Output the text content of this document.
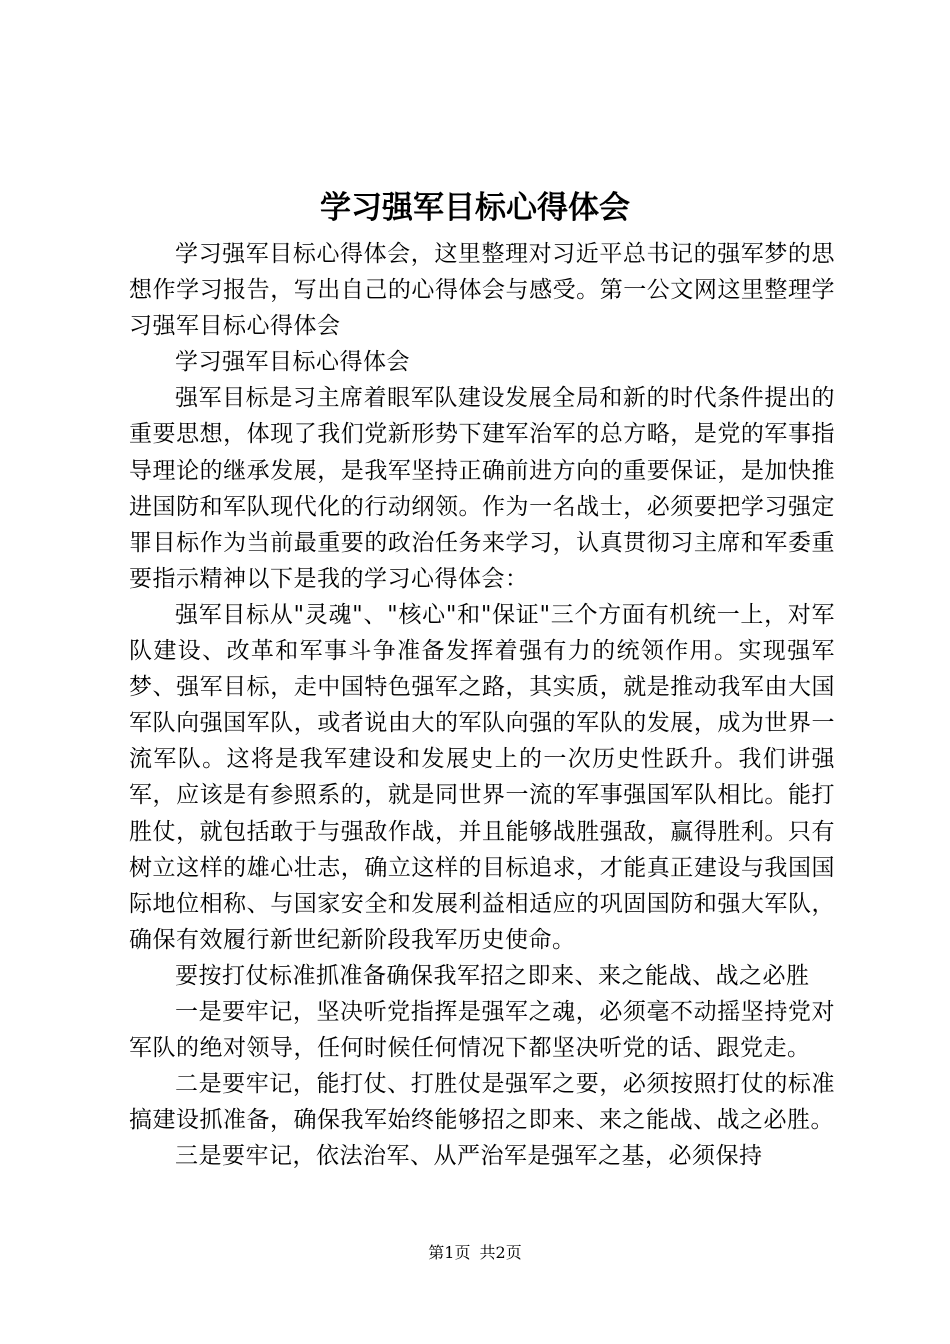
学习强军目标心得体会

学习强军目标心得体会，这里整理对习近平总书记的强军梦的思想作学习报告，写出自己的心得体会与感受。第一公文网这里整理学习强军目标心得体会

学习强军目标心得体会

强军目标是习主席着眼军队建设发展全局和新的时代条件提出的重要思想，体现了我们党新形势下建军治军的总方略，是党的军事指导理论的继承发展，是我军坚持正确前进方向的重要保证，是加快推进国防和军队现代化的行动纲领。作为一名战士，必须要把学习强定罪目标作为当前最重要的政治任务来学习，认真贯彻习主席和军委重要指示精神以下是我的学习心得体会：

强军目标从"灵魂"、"核心"和"保证"三个方面有机统一上，对军队建设、改革和军事斗争准备发挥着强有力的统领作用。实现强军梦、强军目标，走中国特色强军之路，其实质，就是推动我军由大国军队向强国军队，或者说由大的军队向强的军队的发展，成为世界一流军队。这将是我军建设和发展史上的一次历史性跃升。我们讲强军，应该是有参照系的，就是同世界一流的军事强国军队相比。能打胜仗，就包括敢于与强敌作战，并且能够战胜强敌，赢得胜利。只有树立这样的雄心壮志，确立这样的目标追求，才能真正建设与我国国际地位相称、与国家安全和发展利益相适应的巩固国防和强大军队，确保有效履行新世纪新阶段我军历史使命。

要按打仗标准抓准备确保我军招之即来、来之能战、战之必胜

一是要牢记，坚决听党指挥是强军之魂，必须毫不动摇坚持党对军队的绝对领导，任何时候任何情况下都坚决听党的话、跟党走。

二是要牢记，能打仗、打胜仗是强军之要，必须按照打仗的标准搞建设抓准备，确保我军始终能够招之即来、来之能战、战之必胜。

三是要牢记，依法治军、从严治军是强军之基，必须保持

第1页 共2页
